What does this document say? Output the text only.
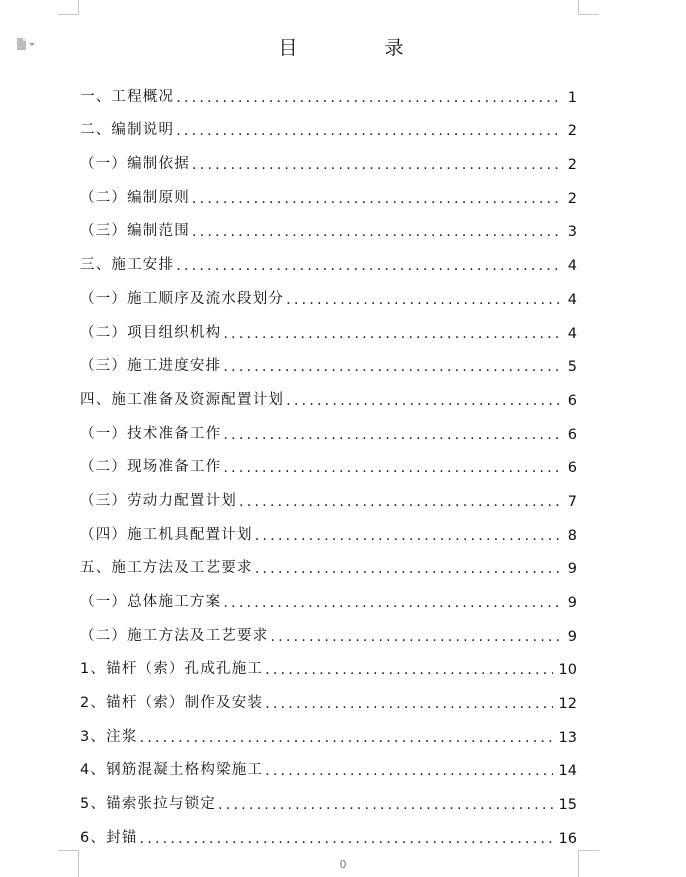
目　录
一、工程概况 .....	1
二、编制说明 .....	2
（一）编制依据 .....	2
（二）编制原则 .....	2
（三）编制范围 .....	3
三、施工安排 .....	4
（一）施工顺序及流水段划分 .....	4
（二）项目组织机构 .....	4
（三）施工进度安排 .....	5
四、施工准备及资源配置计划 .....	6
（一）技术准备工作 .....	6
（二）现场准备工作 .....	6
（三）劳动力配置计划 .....	7
（四）施工机具配置计划 .....	8
五、施工方法及工艺要求 .....	9
（一）总体施工方案 .....	9
（二）施工方法及工艺要求 .....	9
1、锚杆（索）孔成孔施工 .....	10
2、锚杆（索）制作及安装 .....	12
3、注浆 .....	13
4、钢筋混凝土格构梁施工 .....	14
5、锚索张拉与锁定 .....	15
6、封锚 .....	16
0
